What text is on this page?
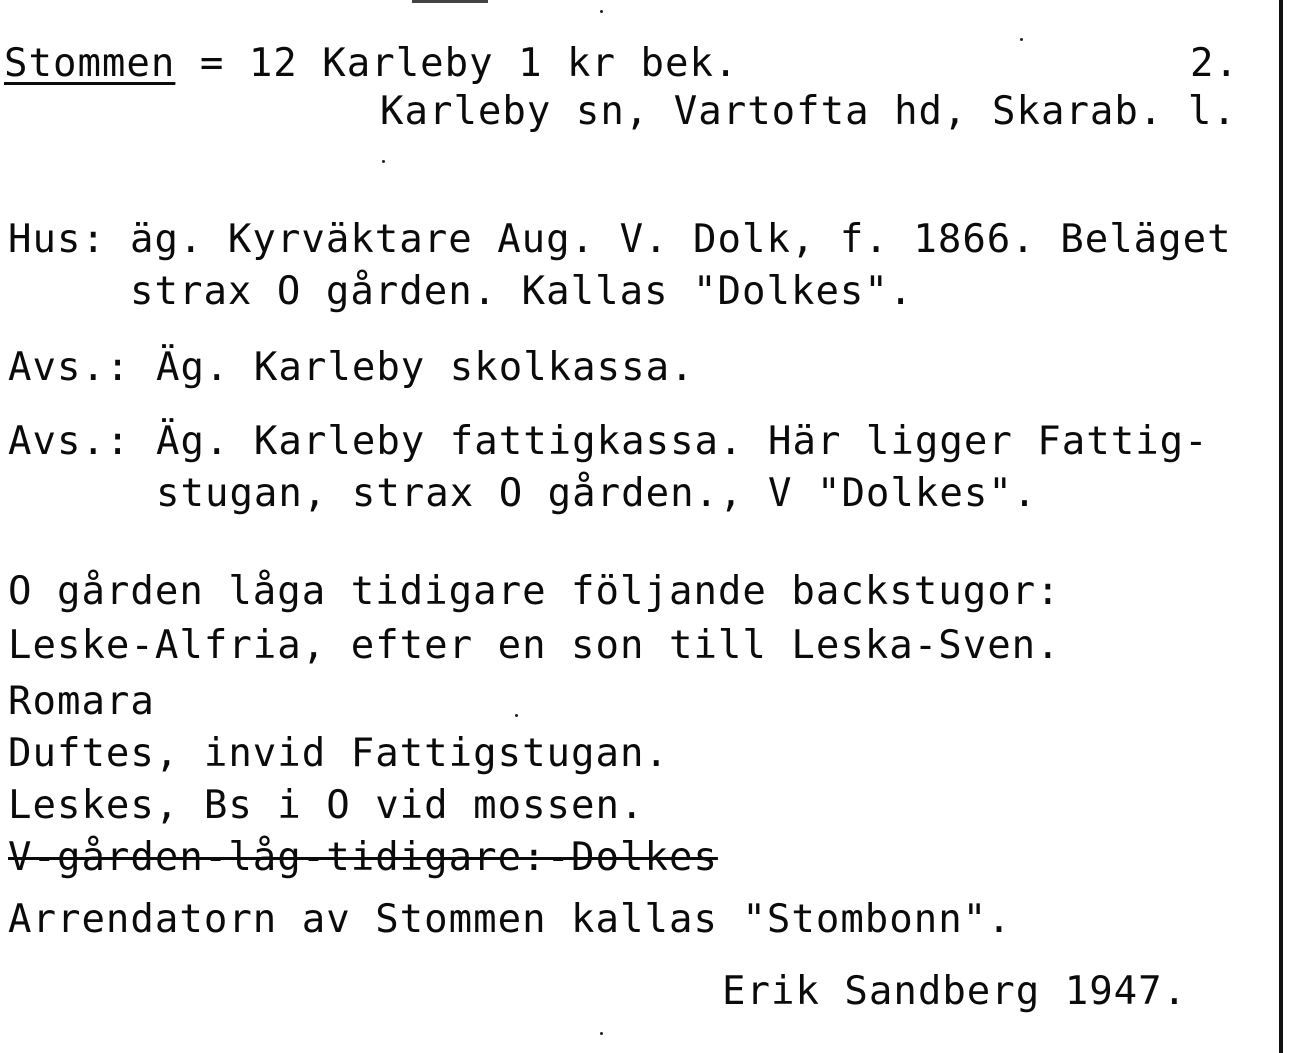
Stommen = 12 Karleby 1 kr bek.	2.
Karleby sn, Vartofta hd, Skarab. l.
Hus: äg. Kyrväktare Aug. V. Dolk, f. 1866. Beläget
strax O gården. Kallas "Dolkes".
Avs.: Äg. Karleby skolkassa.
Avs.: Äg. Karleby fattigkassa. Här ligger Fattig-
stugan, strax O gården., V "Dolkes".
O gården låga tidigare följande backstugor:
Leske-Alfria, efter en son till Leska-Sven.
Romara
Duftes, invid Fattigstugan.
Leskes, Bs i O vid mossen.
V-gården-låg-tidigare:-Dolkes
Arrendatorn av Stommen kallas "Stombonn".
Erik Sandberg 1947.
